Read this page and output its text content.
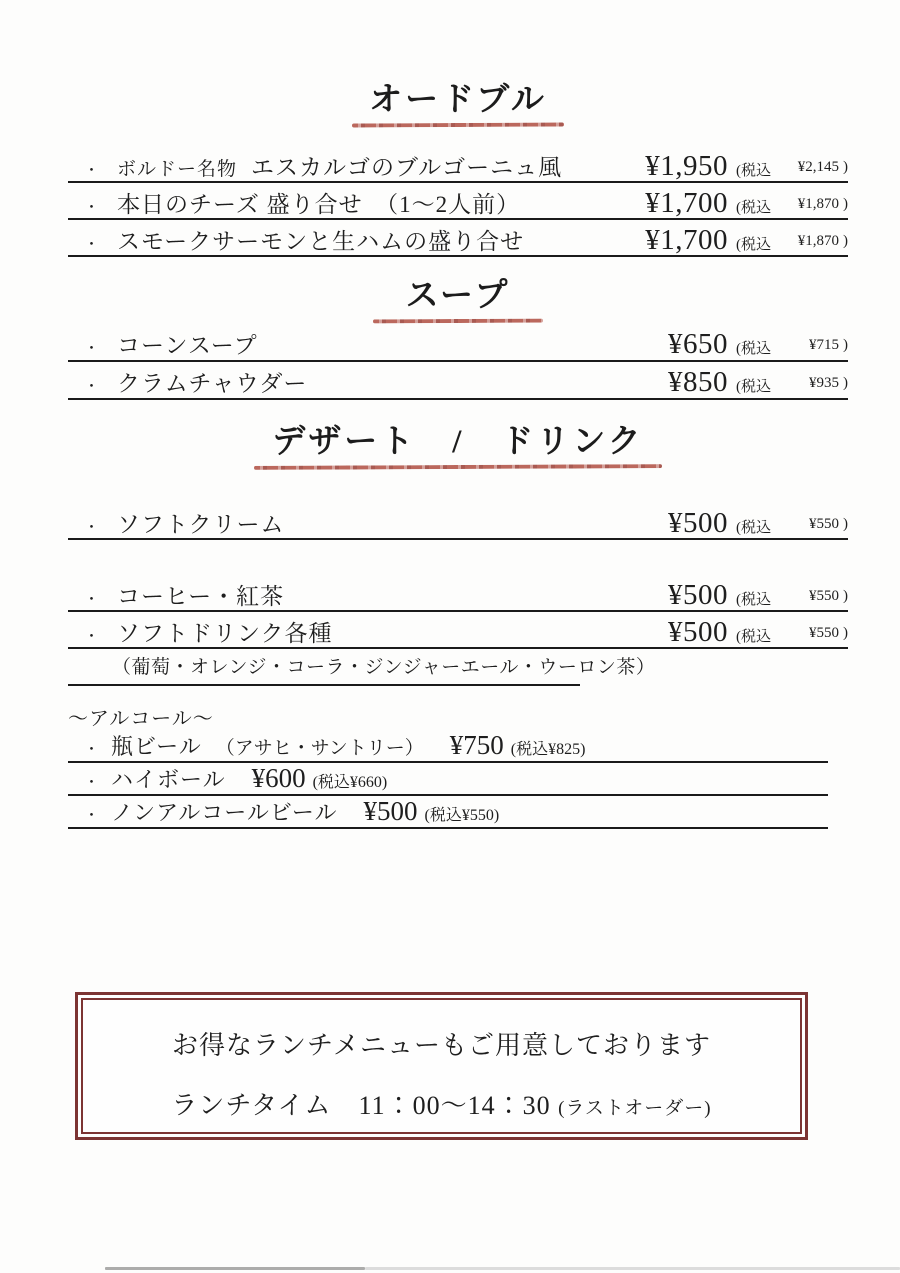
オードブル
・ ボルドー名物 エスカルゴのブルゴーニュ風	¥1,950 (税込 ¥2,145 )
・ 本日のチーズ 盛り合せ　（1〜2人前）	¥1,700 (税込 ¥1,870 )
・ スモークサーモンと生ハムの盛り合せ	¥1,700 (税込 ¥1,870 )
スープ
・ コーンスープ	¥650 (税込	¥715 )
・ クラムチャウダー	¥850 (税込	¥935 )
デザート　/　ドリンク
・ ソフトクリーム	¥500 (税込	¥550 )
・ コーヒー・紅茶	¥500 (税込	¥550 )
・ ソフトドリンク各種	¥500 (税込	¥550 )
（葡萄・オレンジ・コーラ・ジンジャーエール・ウーロン茶）

〜アルコール〜

・ 瓶ビール （アサヒ・サントリー） ¥750 (税込¥825)
・ ハイボール ¥600 (税込¥660)
・ ノンアルコールビール ¥500 (税込¥550)

お得なランチメニューもご用意しております

ランチタイム　11：00〜14：30 (ラストオーダー)
